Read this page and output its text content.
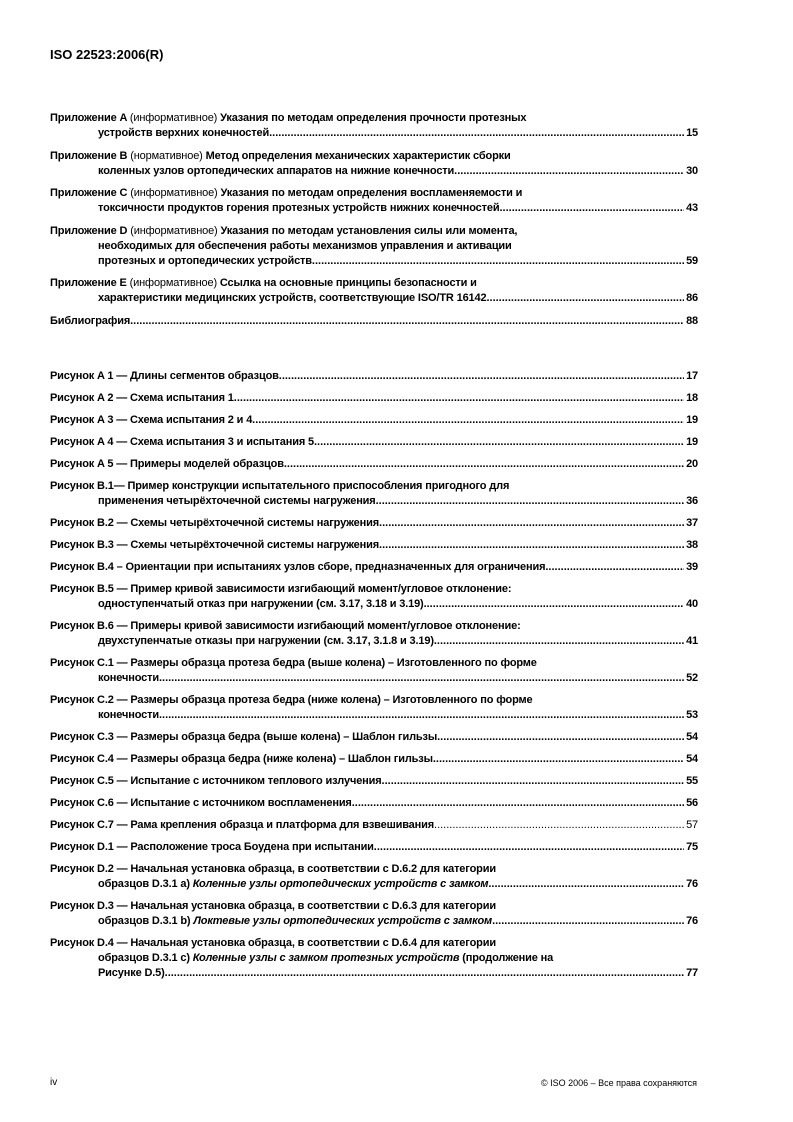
ISO 22523:2006(R)
Приложение A (информативное) Указания по методам определения прочности протезных
устройств верхних конечностей .....	15
Приложение B (нормативное) Метод определения механических характеристик сборки
коленных узлов ортопедических аппаратов на нижние конечности .....	30
Приложение C (информативное) Указания по методам определения воспламеняемости и
токсичности продуктов горения протезных устройств нижних конечностей .....	43
Приложение D (информативное) Указания по методам установления силы или момента,
необходимых для обеспечения работы механизмов управления и активации
протезных и ортопедических устройств .....	59
Приложение E (информативное) Ссылка на основные принципы безопасности и
характеристики медицинских устройств, соответствующие ISO/TR 16142 .....	86
Библиография .....	88
Рисунок A 1 — Длины сегментов образцов .....	17
Рисунок A 2 — Схема испытания 1 .....	18
Рисунок A 3 — Схема испытания 2 и 4 .....	19
Рисунок A 4 — Схема испытания 3 и испытания 5 .....	19
Рисунок A 5 — Примеры моделей образцов .....	20
Рисунок B.1— Пример конструкции испытательного приспособления пригодного для
применения четырёхточечной системы нагружения .....	36
Рисунок B.2 — Схемы четырёхточечной системы нагружения .....	37
Рисунок B.3 — Схемы четырёхточечной системы нагружения .....	38
Рисунок B.4 – Ориентации при испытаниях узлов сборе, предназначенных для ограничения .....	39
Рисунок B.5 — Пример кривой зависимости изгибающий момент/угловое отклонение:
одноступенчатый отказ при нагружении (см. 3.17, 3.18 и 3.19) .....	40
Рисунок B.6 — Примеры кривой зависимости изгибающий момент/угловое отклонение:
двухступенчатые отказы при нагружении (см. 3.17, 3.1.8 и 3.19) .....	41
Рисунок C.1 — Размеры образца протеза бедра (выше колена) – Изготовленного по форме
конечности .....	52
Рисунок C.2 — Размеры образца протеза бедра (ниже колена) – Изготовленного по форме
конечности .....	53
Рисунок C.3 — Размеры образца бедра (выше колена) – Шаблон гильзы .....	54
Рисунок C.4 — Размеры образца бедра (ниже колена) – Шаблон гильзы .....	54
Рисунок C.5 — Испытание с источником теплового излучения .....	55
Рисунок C.6 — Испытание с источником воспламенения .....	56
Рисунок C.7 — Рама крепления образца и платформа для взвешивания .....	57
Рисунок D.1 — Расположение троса Боудена при испытании .....	75
Рисунок D.2 — Начальная установка образца, в соответствии с D.6.2 для категории
образцов D.3.1 a) Коленные узлы ортопедических устройств с замком .....	76
Рисунок D.3 — Начальная установка образца, в соответствии с D.6.3 для категории
образцов D.3.1 b) Локтевые узлы ортопедических устройств с замком .....	76
Рисунок D.4 — Начальная установка образца, в соответствии с D.6.4 для категории
образцов D.3.1 c) Коленные узлы с замком протезных устройств (продолжение на
Рисунке D.5) .....	77
iv	© ISO 2006 – Все права сохраняются
